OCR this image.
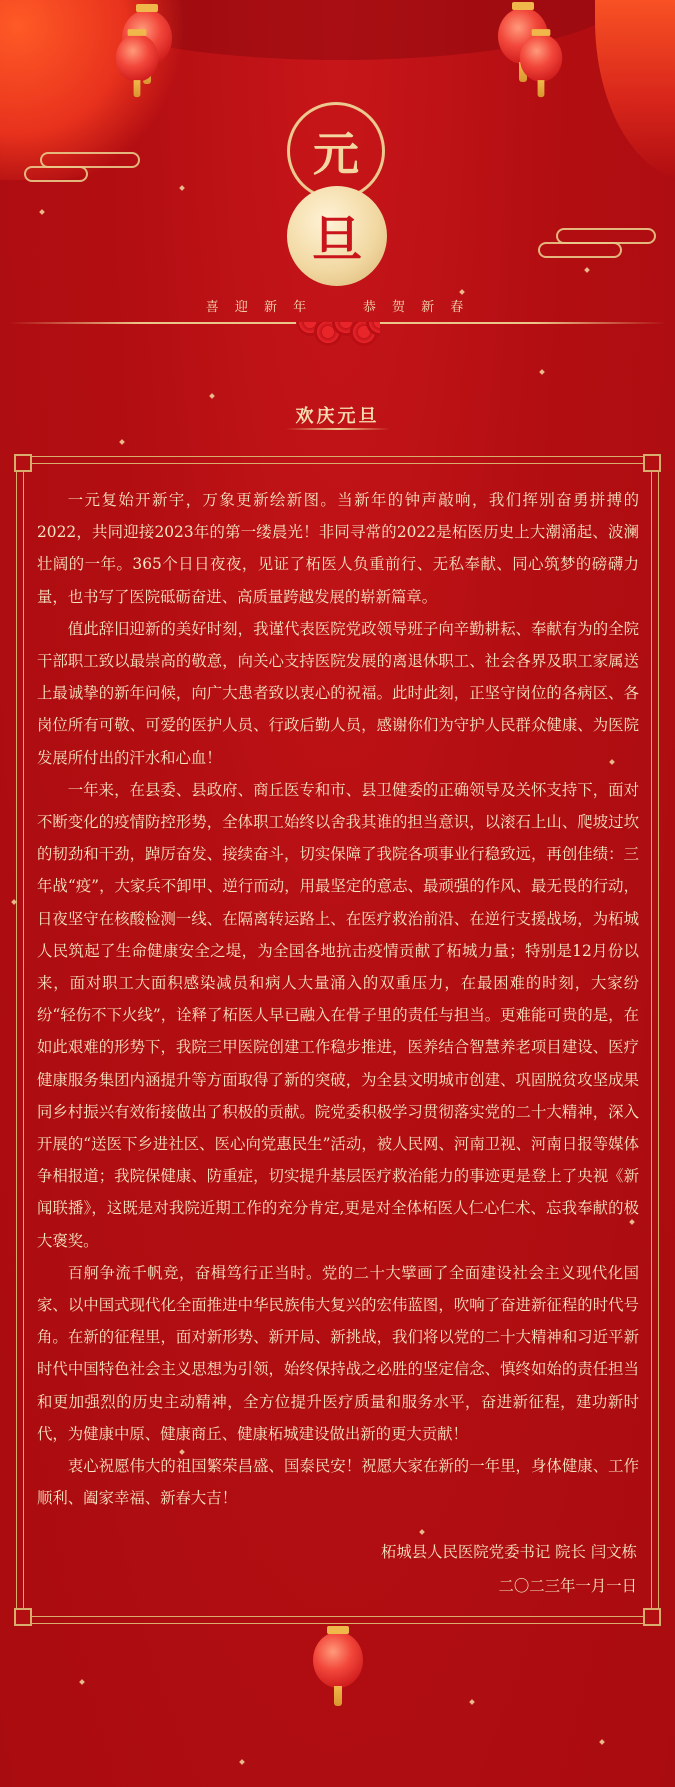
元
旦
喜 迎 新 年     恭 贺 新 春
欢庆元旦

一元复始开新宇，万象更新绘新图。当新年的钟声敲响，我们挥别奋勇拼搏的2022，共同迎接2023年的第一缕晨光！非同寻常的2022是柘医历史上大潮涌起、波澜壮阔的一年。365个日日夜夜，见证了柘医人负重前行、无私奉献、同心筑梦的磅礴力量，也书写了医院砥砺奋进、高质量跨越发展的崭新篇章。

值此辞旧迎新的美好时刻，我谨代表医院党政领导班子向辛勤耕耘、奉献有为的全院干部职工致以最崇高的敬意，向关心支持医院发展的离退休职工、社会各界及职工家属送上最诚挚的新年问候，向广大患者致以衷心的祝福。此时此刻，正坚守岗位的各病区、各岗位所有可敬、可爱的医护人员、行政后勤人员，感谢你们为守护人民群众健康、为医院发展所付出的汗水和心血！

一年来，在县委、县政府、商丘医专和市、县卫健委的正确领导及关怀支持下，面对不断变化的疫情防控形势，全体职工始终以舍我其谁的担当意识，以滚石上山、爬坡过坎的韧劲和干劲，踔厉奋发、接续奋斗，切实保障了我院各项事业行稳致远，再创佳绩：三年战“疫”，大家兵不卸甲、逆行而动，用最坚定的意志、最顽强的作风、最无畏的行动，日夜坚守在核酸检测一线、在隔离转运路上、在医疗救治前沿、在逆行支援战场，为柘城人民筑起了生命健康安全之堤，为全国各地抗击疫情贡献了柘城力量；特别是12月份以来，面对职工大面积感染减员和病人大量涌入的双重压力，在最困难的时刻，大家纷纷“轻伤不下火线”，诠释了柘医人早已融入在骨子里的责任与担当。更难能可贵的是，在如此艰难的形势下，我院三甲医院创建工作稳步推进，医养结合智慧养老项目建设、医疗健康服务集团内涵提升等方面取得了新的突破，为全县文明城市创建、巩固脱贫攻坚成果同乡村振兴有效衔接做出了积极的贡献。院党委积极学习贯彻落实党的二十大精神，深入开展的“送医下乡进社区、医心向党惠民生”活动，被人民网、河南卫视、河南日报等媒体争相报道；我院保健康、防重症，切实提升基层医疗救治能力的事迹更是登上了央视《新闻联播》，这既是对我院近期工作的充分肯定,更是对全体柘医人仁心仁术、忘我奉献的极大褒奖。

百舸争流千帆竞，奋楫笃行正当时。党的二十大擘画了全面建设社会主义现代化国家、以中国式现代化全面推进中华民族伟大复兴的宏伟蓝图，吹响了奋进新征程的时代号角。在新的征程里，面对新形势、新开局、新挑战，我们将以党的二十大精神和习近平新时代中国特色社会主义思想为引领，始终保持战之必胜的坚定信念、慎终如始的责任担当和更加强烈的历史主动精神，全方位提升医疗质量和服务水平，奋进新征程，建功新时代，为健康中原、健康商丘、健康柘城建设做出新的更大贡献！

衷心祝愿伟大的祖国繁荣昌盛、国泰民安！祝愿大家在新的一年里，身体健康、工作顺利、阖家幸福、新春大吉！

柘城县人民医院党委书记 院长 闫文栋
二〇二三年一月一日
